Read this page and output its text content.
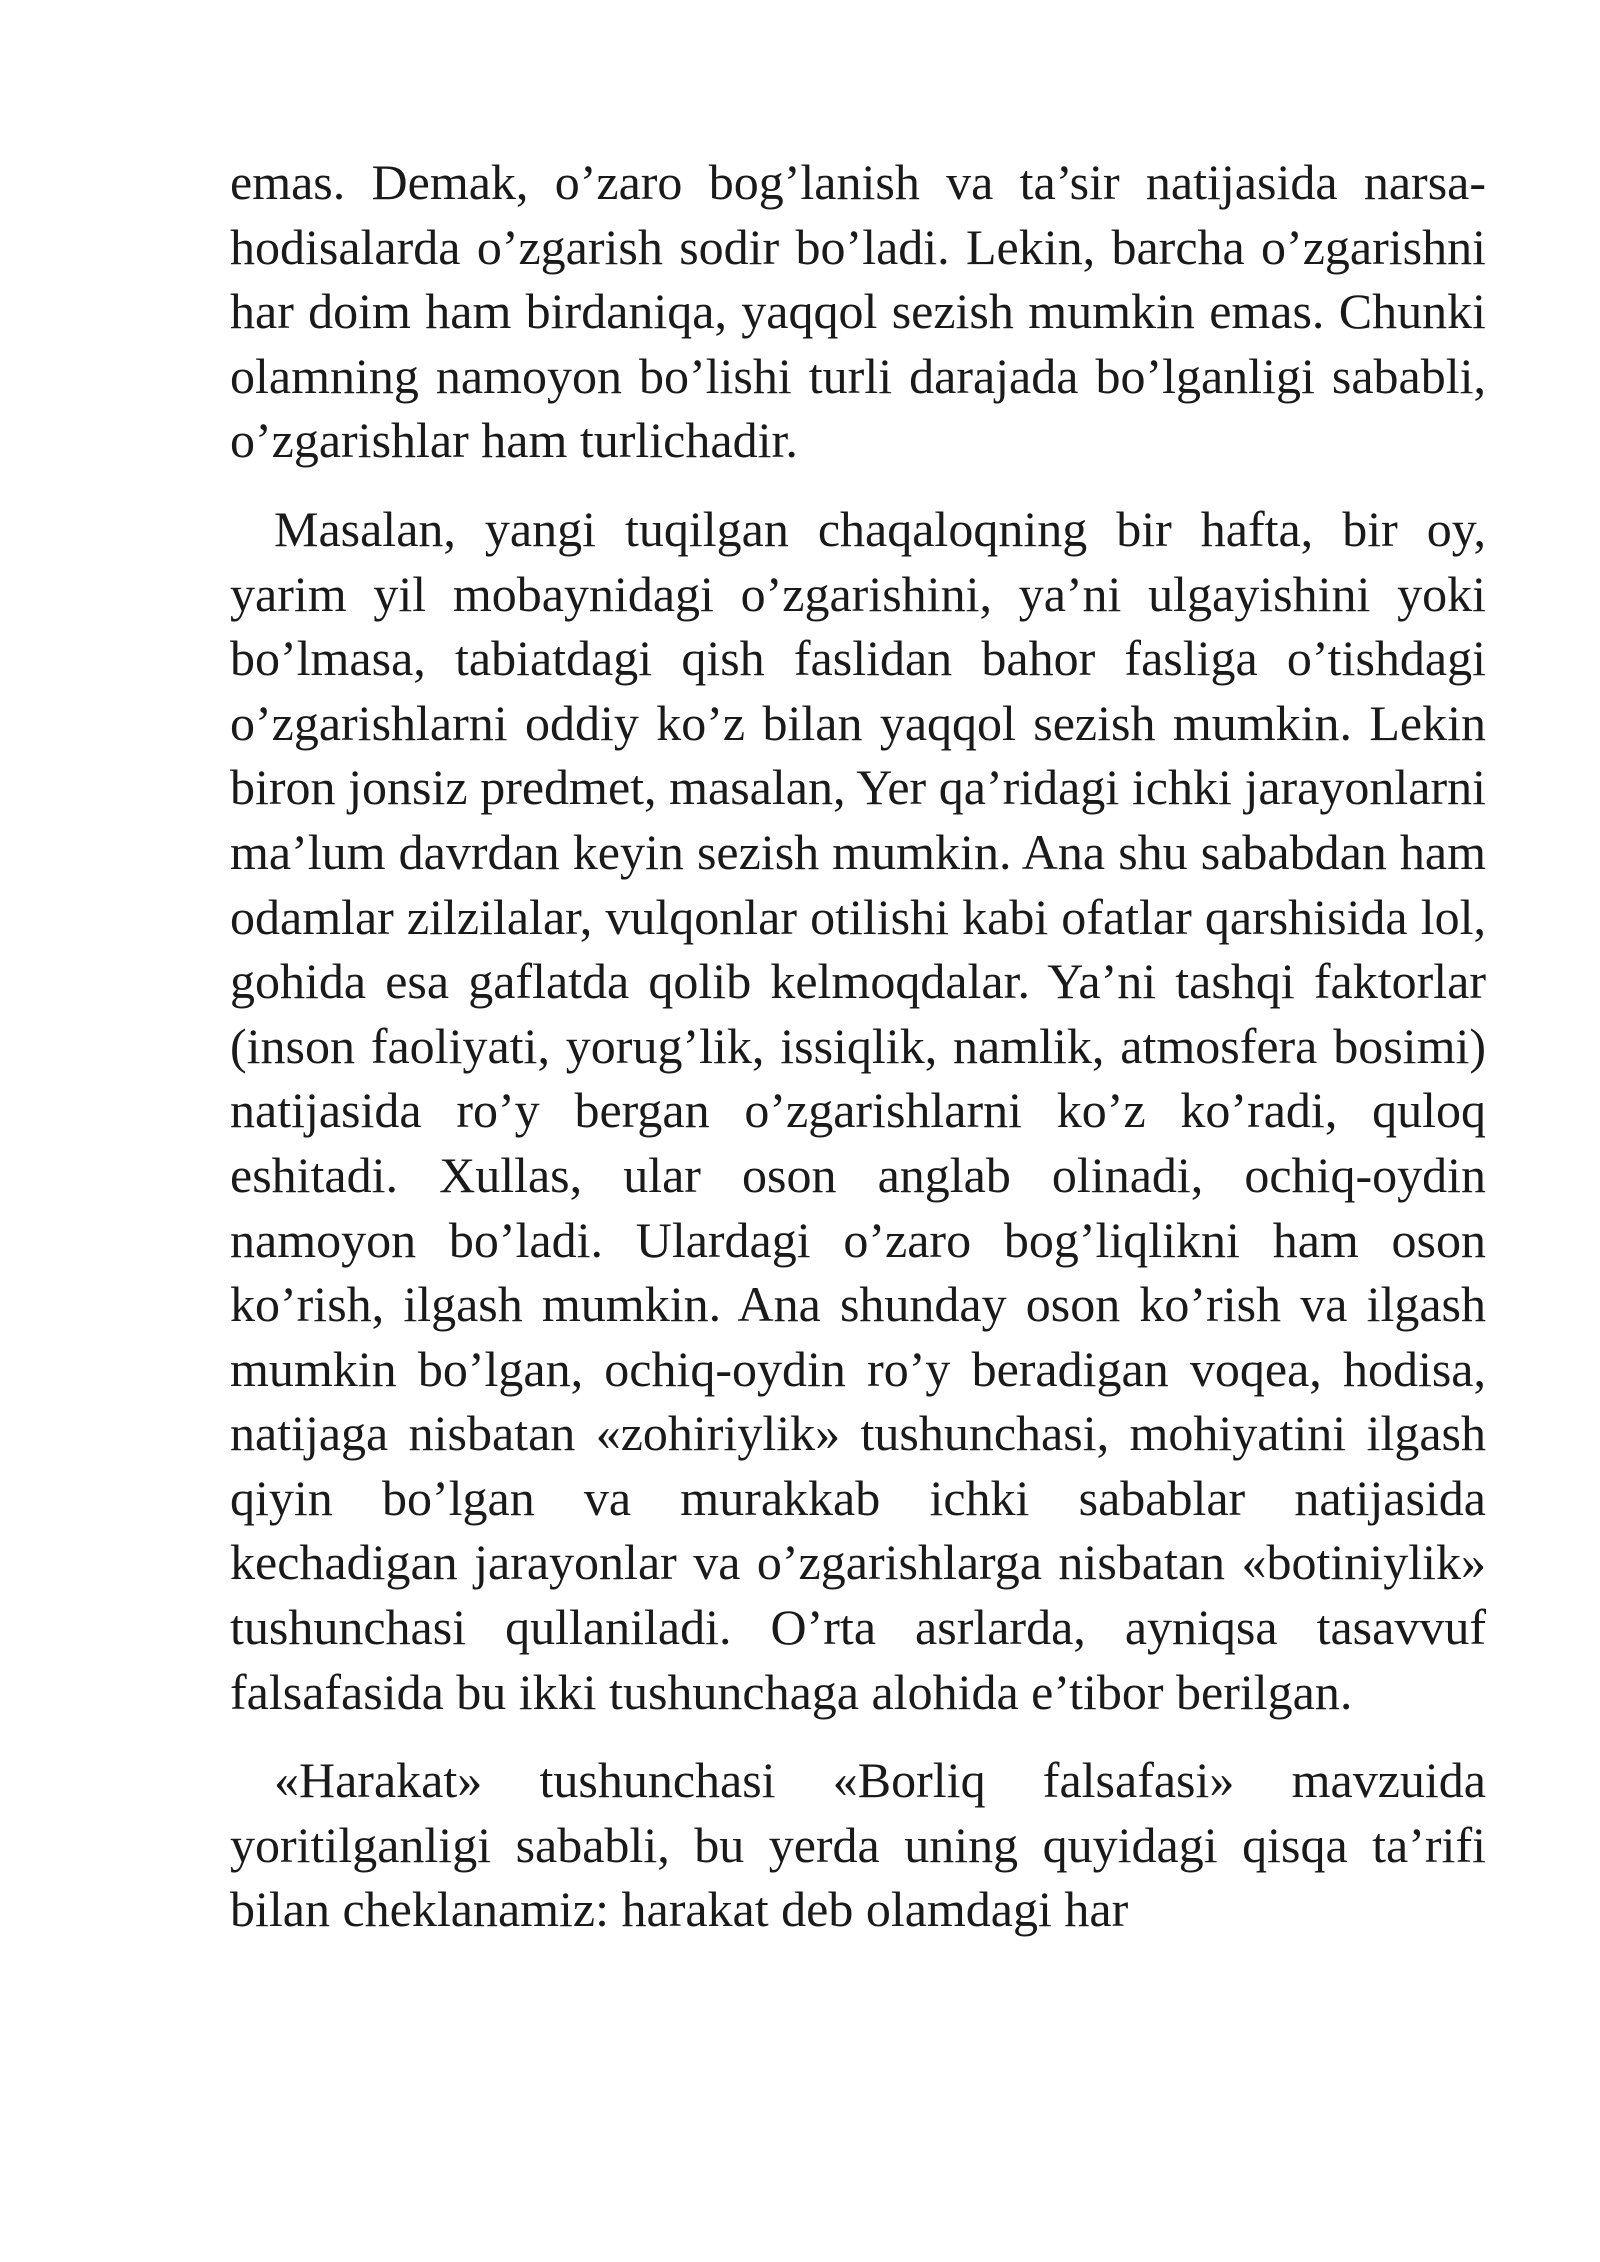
emas. Demak, o’zaro bog’lanish va ta’sir natijasida narsa-hodisalarda o’zgarish sodir bo’ladi. Lekin, barcha o’zgarishni har doim ham birdaniqa, yaqqol sezish mumkin emas. Chunki olamning namoyon bo’lishi turli darajada bo’lganligi sababli, o’zgarishlar ham turlichadir.

Masalan, yangi tuqilgan chaqaloqning bir hafta, bir oy, yarim yil mobaynidagi o’zgarishini, ya’ni ulgayishini yoki bo’lmasa, tabiatdagi qish faslidan bahor fasliga o’tishdagi o’zgarishlarni oddiy ko’z bilan yaqqol sezish mumkin. Lekin biron jonsiz predmet, masalan, Yer qa’ridagi ichki jarayonlarni ma’lum davrdan keyin sezish mumkin. Ana shu sababdan ham odamlar zilzilalar, vulqonlar otilishi kabi ofatlar qarshisida lol, gohida esa gaflatda qolib kelmoqdalar. Ya’ni tashqi faktorlar (inson faoliyati, yorug’lik, issiqlik, namlik, atmosfera bosimi) natijasida ro’y bergan o’zgarishlarni ko’z ko’radi, quloq eshitadi. Xullas, ular oson anglab olinadi, ochiq-oydin namoyon bo’ladi. Ulardagi o’zaro bog’liqlikni ham oson ko’rish, ilgash mumkin. Ana shunday oson ko’rish va ilgash mumkin bo’lgan, ochiq-oydin ro’y beradigan voqea, hodisa, natijaga nisbatan «zohiriylik» tushunchasi, mohiyatini ilgash qiyin bo’lgan va murakkab ichki sabablar natijasida kechadigan jarayonlar va o’zgarishlarga nisbatan «botiniylik» tushunchasi qullaniladi. O’rta asrlarda, ayniqsa tasavvuf falsafasida bu ikki tushunchaga alohida e’tibor berilgan.

«Harakat» tushunchasi «Borliq falsafasi» mavzuida yoritilganligi sababli, bu yerda uning quyidagi qisqa ta’rifi bilan cheklanamiz: harakat deb olamdagi har
